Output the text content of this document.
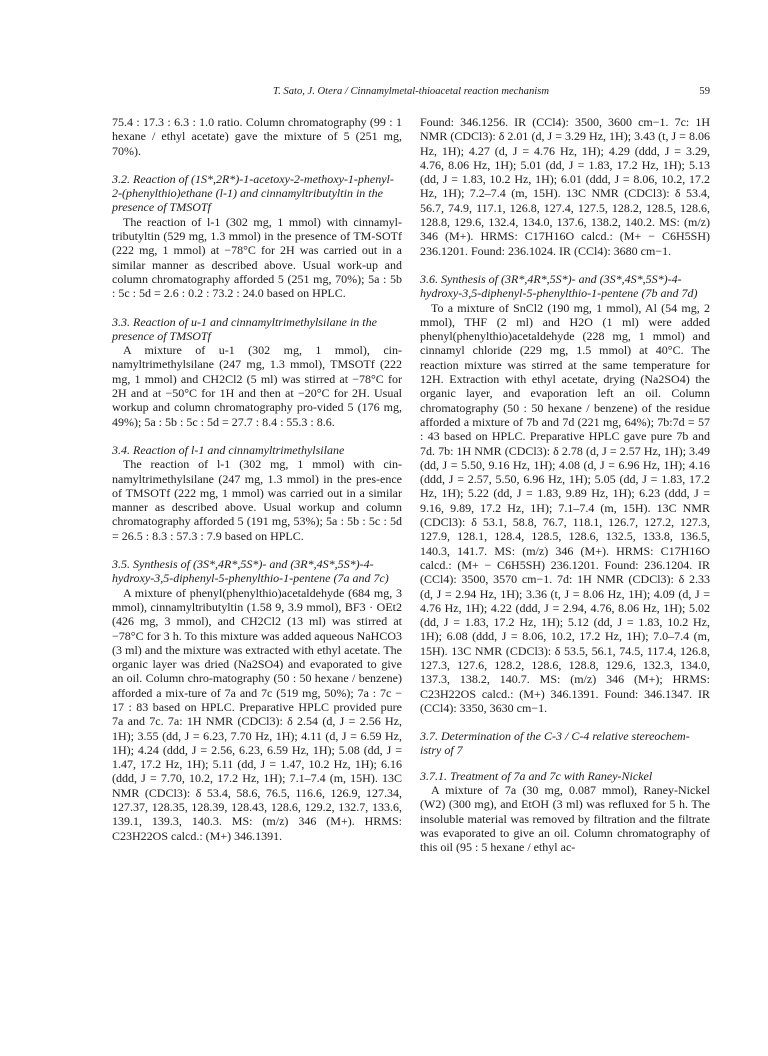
T. Sato, J. Otera / Cinnamylmetal-thioacetal reaction mechanism	59

75.4 : 17.3 : 6.3 : 1.0 ratio. Column chromatography (99 : 1 hexane / ethyl acetate) gave the mixture of 5 (251 mg, 70%).

3.2. Reaction of (1S*,2R*)-1-acetoxy-2-methoxy-1-phenyl-2-(phenylthio)ethane (l-1) and cinnamyltributyltin in the presence of TMSOTf

The reaction of l-1 (302 mg, 1 mmol) with cinnamyl-tributyltin (529 mg, 1.3 mmol) in the presence of TM-SOTf (222 mg, 1 mmol) at −78°C for 2H was carried out in a similar manner as described above. Usual work-up and column chromatography afforded 5 (251 mg, 70%); 5a : 5b : 5c : 5d = 2.6 : 0.2 : 73.2 : 24.0 based on HPLC.

3.3. Reaction of u-1 and cinnamyltrimethylsilane in the presence of TMSOTf

A mixture of u-1 (302 mg, 1 mmol), cin-namyltrimethylsilane (247 mg, 1.3 mmol), TMSOTf (222 mg, 1 mmol) and CH2Cl2 (5 ml) was stirred at −78°C for 2H and at −50°C for 1H and then at −20°C for 2H. Usual workup and column chromatography pro-vided 5 (176 mg, 49%); 5a : 5b : 5c : 5d = 27.7 : 8.4 : 55.3 : 8.6.

3.4. Reaction of l-1 and cinnamyltrimethylsilane

The reaction of l-1 (302 mg, 1 mmol) with cin-namyltrimethylsilane (247 mg, 1.3 mmol) in the pres-ence of TMSOTf (222 mg, 1 mmol) was carried out in a similar manner as described above. Usual workup and column chromatography afforded 5 (191 mg, 53%); 5a : 5b : 5c : 5d = 26.5 : 8.3 : 57.3 : 7.9 based on HPLC.

3.5. Synthesis of (3S*,4R*,5S*)- and (3R*,4S*,5S*)-4-hydroxy-3,5-diphenyl-5-phenylthio-1-pentene (7a and 7c)

A mixture of phenyl(phenylthio)acetaldehyde (684 mg, 3 mmol), cinnamyltributyltin (1.58 9, 3.9 mmol), BF3 · OEt2 (426 mg, 3 mmol), and CH2Cl2 (13 ml) was stirred at −78°C for 3 h. To this mixture was added aqueous NaHCO3 (3 ml) and the mixture was extracted with ethyl acetate. The organic layer was dried (Na2SO4) and evaporated to give an oil. Column chro-matography (50 : 50 hexane / benzene) afforded a mix-ture of 7a and 7c (519 mg, 50%); 7a : 7c − 17 : 83 based on HPLC. Preparative HPLC provided pure 7a and 7c. 7a: 1H NMR (CDCl3): δ 2.54 (d, J = 2.56 Hz, 1H); 3.55 (dd, J = 6.23, 7.70 Hz, 1H); 4.11 (d, J = 6.59 Hz, 1H); 4.24 (ddd, J = 2.56, 6.23, 6.59 Hz, 1H); 5.08 (dd, J = 1.47, 17.2 Hz, 1H); 5.11 (dd, J = 1.47, 10.2 Hz, 1H); 6.16 (ddd, J = 7.70, 10.2, 17.2 Hz, 1H); 7.1–7.4 (m, 15H). 13C NMR (CDCl3): δ 53.4, 58.6, 76.5, 116.6, 126.9, 127.34, 127.37, 128.35, 128.39, 128.43, 128.6, 129.2, 132.7, 133.6, 139.1, 139.3, 140.3. MS: (m/z) 346 (M+). HRMS: C23H22OS calcd.: (M+) 346.1391.

Found: 346.1256. IR (CCl4): 3500, 3600 cm−1. 7c: 1H NMR (CDCl3): δ 2.01 (d, J = 3.29 Hz, 1H); 3.43 (t, J = 8.06 Hz, 1H); 4.27 (d, J = 4.76 Hz, 1H); 4.29 (ddd, J = 3.29, 4.76, 8.06 Hz, 1H); 5.01 (dd, J = 1.83, 17.2 Hz, 1H); 5.13 (dd, J = 1.83, 10.2 Hz, 1H); 6.01 (ddd, J = 8.06, 10.2, 17.2 Hz, 1H); 7.2–7.4 (m, 15H). 13C NMR (CDCl3): δ 53.4, 56.7, 74.9, 117.1, 126.8, 127.4, 127.5, 128.2, 128.5, 128.6, 128.8, 129.6, 132.4, 134.0, 137.6, 138.2, 140.2. MS: (m/z) 346 (M+). HRMS: C17H16O calcd.: (M+ − C6H5SH) 236.1201. Found: 236.1024. IR (CCl4): 3680 cm−1.

3.6. Synthesis of (3R*,4R*,5S*)- and (3S*,4S*,5S*)-4-hydroxy-3,5-diphenyl-5-phenylthio-1-pentene (7b and 7d)

To a mixture of SnCl2 (190 mg, 1 mmol), Al (54 mg, 2 mmol), THF (2 ml) and H2O (1 ml) were added phenyl(phenylthio)acetaldehyde (228 mg, 1 mmol) and cinnamyl chloride (229 mg, 1.5 mmol) at 40°C. The reaction mixture was stirred at the same temperature for 12H. Extraction with ethyl acetate, drying (Na2SO4) the organic layer, and evaporation left an oil. Column chromatography (50 : 50 hexane / benzene) of the residue afforded a mixture of 7b and 7d (221 mg, 64%); 7b:7d = 57 : 43 based on HPLC. Preparative HPLC gave pure 7b and 7d. 7b: 1H NMR (CDCl3): δ 2.78 (d, J = 2.57 Hz, 1H); 3.49 (dd, J = 5.50, 9.16 Hz, 1H); 4.08 (d, J = 6.96 Hz, 1H); 4.16 (ddd, J = 2.57, 5.50, 6.96 Hz, 1H); 5.05 (dd, J = 1.83, 17.2 Hz, 1H); 5.22 (dd, J = 1.83, 9.89 Hz, 1H); 6.23 (ddd, J = 9.16, 9.89, 17.2 Hz, 1H); 7.1–7.4 (m, 15H). 13C NMR (CDCl3): δ 53.1, 58.8, 76.7, 118.1, 126.7, 127.2, 127.3, 127.9, 128.1, 128.4, 128.5, 128.6, 132.5, 133.8, 136.5, 140.3, 141.7. MS: (m/z) 346 (M+). HRMS: C17H16O calcd.: (M+ − C6H5SH) 236.1201. Found: 236.1204. IR (CCl4): 3500, 3570 cm−1. 7d: 1H NMR (CDCl3): δ 2.33 (d, J = 2.94 Hz, 1H); 3.36 (t, J = 8.06 Hz, 1H); 4.09 (d, J = 4.76 Hz, 1H); 4.22 (ddd, J = 2.94, 4.76, 8.06 Hz, 1H); 5.02 (dd, J = 1.83, 17.2 Hz, 1H); 5.12 (dd, J = 1.83, 10.2 Hz, 1H); 6.08 (ddd, J = 8.06, 10.2, 17.2 Hz, 1H); 7.0–7.4 (m, 15H). 13C NMR (CDCl3): δ 53.5, 56.1, 74.5, 117.4, 126.8, 127.3, 127.6, 128.2, 128.6, 128.8, 129.6, 132.3, 134.0, 137.3, 138.2, 140.7. MS: (m/z) 346 (M+); HRMS: C23H22OS calcd.: (M+) 346.1391. Found: 346.1347. IR (CCl4): 3350, 3630 cm−1.

3.7. Determination of the C-3 / C-4 relative stereochem-istry of 7
3.7.1. Treatment of 7a and 7c with Raney-Nickel

A mixture of 7a (30 mg, 0.087 mmol), Raney-Nickel (W2) (300 mg), and EtOH (3 ml) was refluxed for 5 h. The insoluble material was removed by filtration and the filtrate was evaporated to give an oil. Column chromatography of this oil (95 : 5 hexane / ethyl ac-
